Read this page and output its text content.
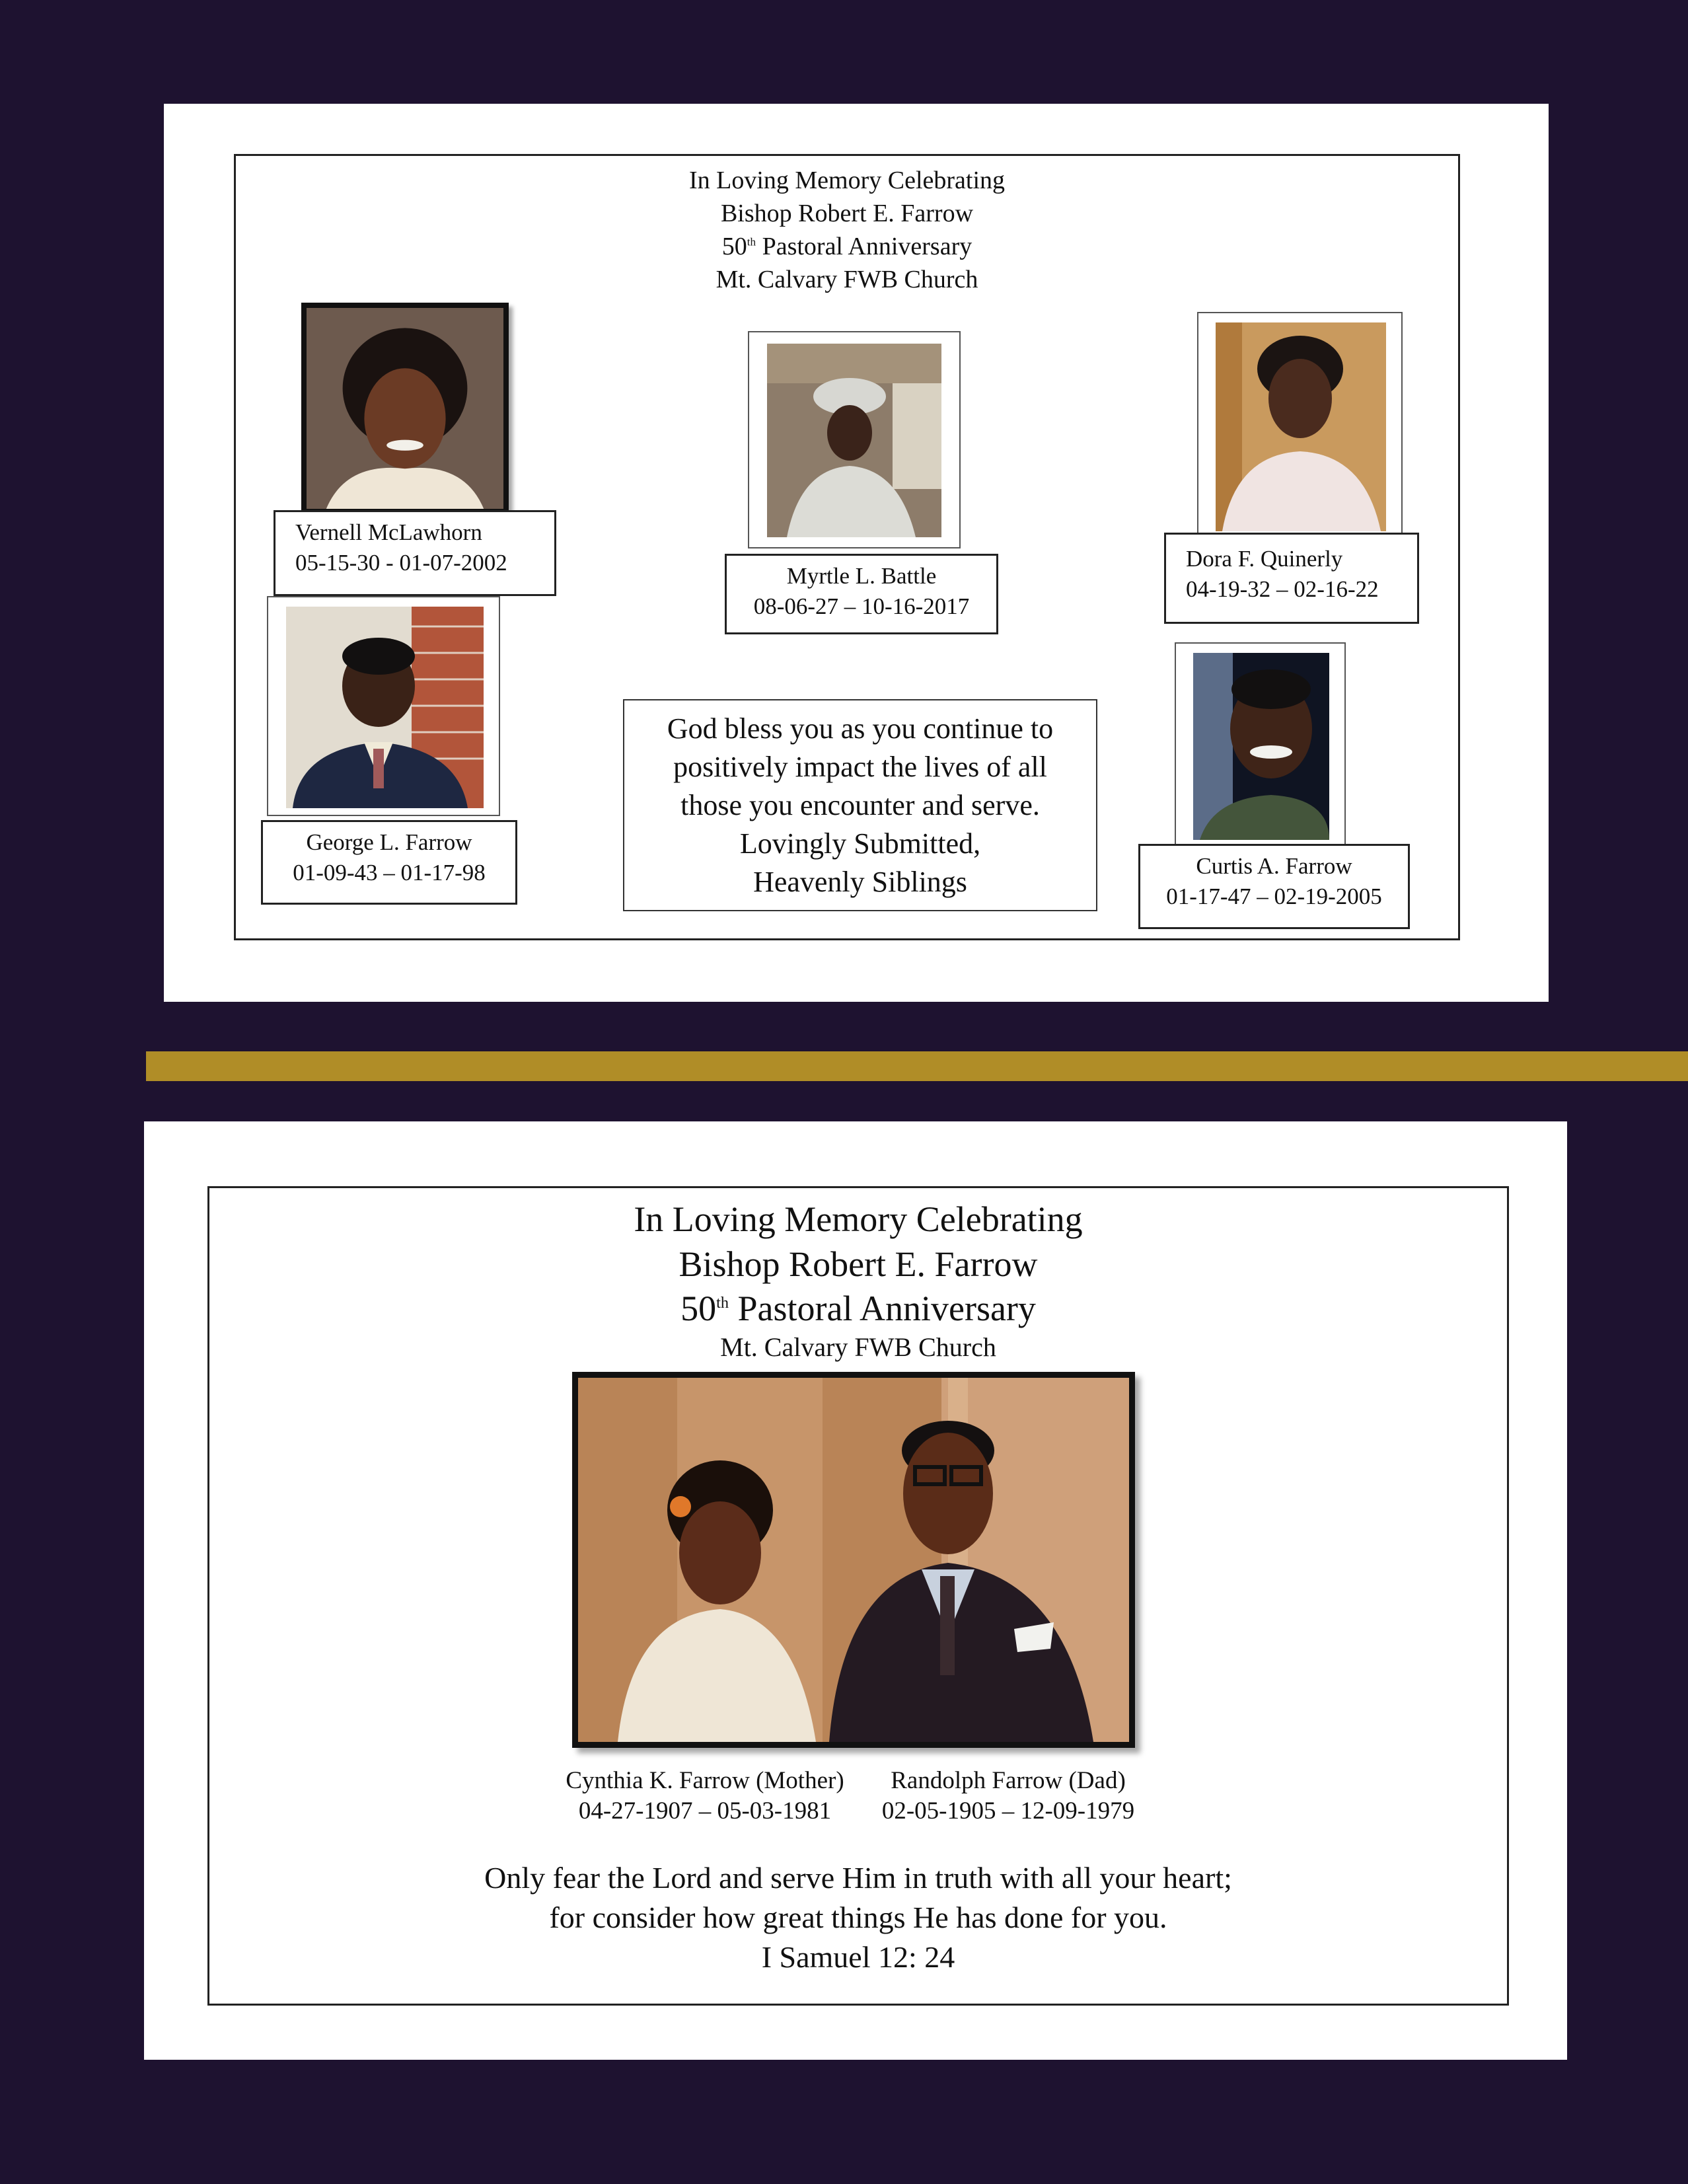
In Loving Memory Celebrating
Bishop Robert E. Farrow
50th Pastoral Anniversary
Mt. Calvary FWB Church
Vernell McLawhorn
05-15-30 - 01-07-2002
Myrtle L. Battle
08-06-27 – 10-16-2017
Dora F. Quinerly
04-19-32 – 02-16-22
George L. Farrow
01-09-43 – 01-17-98
God bless you as you continue to
positively impact the lives of all
those you encounter and serve.
Lovingly Submitted,
Heavenly Siblings	Curtis A. Farrow
01-17-47 – 02-19-2005
In Loving Memory Celebrating
Bishop Robert E. Farrow
50th Pastoral Anniversary
Mt. Calvary FWB Church
Cynthia K. Farrow (Mother)
04-27-1907 – 05-03-1981
Randolph Farrow (Dad)
02-05-1905 – 12-09-1979
Only fear the Lord and serve Him in truth with all your heart;
for consider how great things He has done for you.
I Samuel 12: 24
